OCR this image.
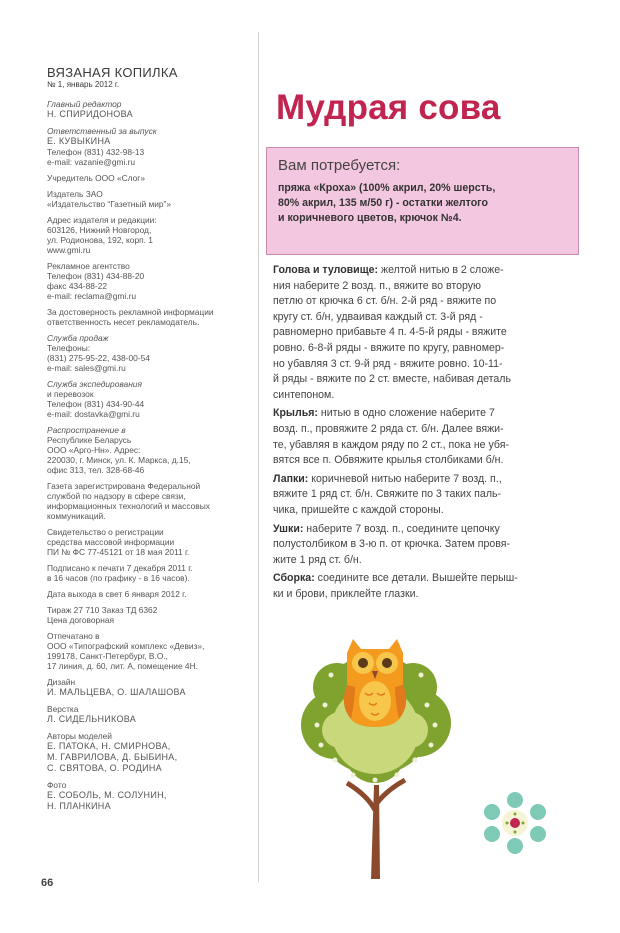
ВЯЗАНАЯ КОПИЛКА
№ 1, январь 2012 г.
Главный редактор
Н. СПИРИДОНОВА
Ответственный за выпуск
Е. КУВЫКИНА
Телефон (831) 432-98-13
e-mail: vazanie@gmi.ru
Учредитель ООО «Слог»
Издатель ЗАО
«Издательство “Газетный мир”»
Адрес издателя и редакции:
603126, Нижний Новгород,
ул. Родионова, 192, корп. 1
www.gmi.ru
Рекламное агентство
Телефон (831) 434-88-20
факс 434-88-22
e-mail: reclama@gmi.ru
За достоверность рекламной информации
ответственность несет рекламодатель.
Служба продаж
Телефоны:
(831) 275-95-22, 438-00-54
e-mail: sales@gmi.ru
Служба экспедирования
и перевозок
Телефон (831) 434-90-44
e-mail: dostavka@gmi.ru
Распространение в
Республике Беларусь
ООО «Арго-Нн». Адрес:
220030, г. Минск, ул. К. Маркса, д.15,
офис 313, тел. 328-68-46
Газета зарегистрирована Федеральной
службой по надзору в сфере связи,
информационных технологий и массовых
коммуникаций.
Свидетельство о регистрации
средства массовой информации
ПИ № ФС 77-45121 от 18 мая 2011 г.
Подписано к печати 7 декабря 2011 г.
в 16 часов (по графику - в 16 часов).
Дата выхода в свет 6 января 2012 г.
Тираж 27 710 Заказ ТД 6362
Цена договорная
Отпечатано в
ООО «Типографский комплекс «Девиз»,
199178, Санкт-Петербург, В.О.,
17 линия, д. 60, лит. А, помещение 4Н.
Дизайн
И. МАЛЬЦЕВА, О. ШАЛАШОВА
Верстка
Л. СИДЕЛЬНИКОВА
Авторы моделей
Е. ПАТОКА, Н. СМИРНОВА,
М. ГАВРИЛОВА, Д. БЫБИНА,
С. СВЯТОВА, О. РОДИНА
Фото
Е. СОБОЛЬ, М. СОЛУНИН,
Н. ПЛАНКИНА
66
Мудрая сова
Вам потребуется:
пряжа «Кроха» (100% акрил, 20% шерсть,
80% акрил, 135 м/50 г) - остатки желтого
и коричневого цветов, крючок №4.
Голова и туловище: желтой нитью в 2 сложе-
ния наберите 2 возд. п., вяжите во вторую
петлю от крючка 6 ст. б/н. 2-й ряд - вяжите по
кругу ст. б/н, удваивая каждый ст. 3-й ряд -
равномерно прибавьте 4 п. 4-5-й ряды - вяжите
ровно. 6-8-й ряды - вяжите по кругу, равномер-
но убавляя 3 ст. 9-й ряд - вяжите ровно. 10-11-
й ряды - вяжите по 2 ст. вместе, набивая деталь
синтепоном.
Крылья: нитью в одно сложение наберите 7
возд. п., провяжите 2 ряда ст. б/н. Далее вяжи-
те, убавляя в каждом ряду по 2 ст., пока не убя-
вятся все п. Обвяжите крылья столбиками б/н.
Лапки: коричневой нитью наберите 7 возд. п.,
вяжите 1 ряд ст. б/н. Свяжите по 3 таких паль-
чика, пришейте с каждой стороны.
Ушки: наберите 7 возд. п., соедините цепочку
полустолбиком в 3-ю п. от крючка. Затем провя-
жите 1 ряд ст. б/н.
Сборка: соедините все детали. Вышейте перыш-
ки и брови, приклейте глазки.
